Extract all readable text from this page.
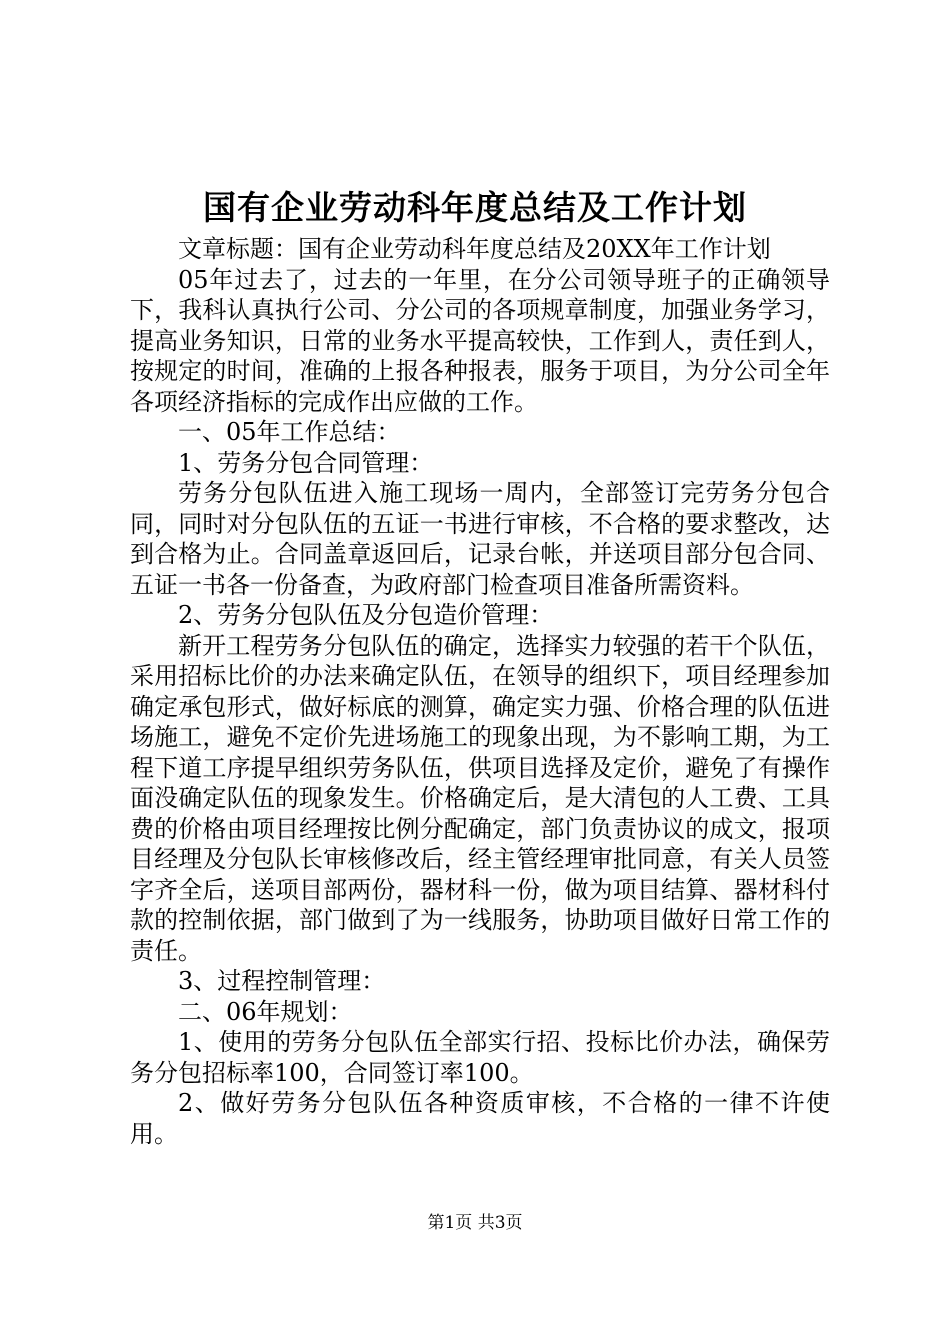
国有企业劳动科年度总结及工作计划

文章标题：国有企业劳动科年度总结及20XX年工作计划

05年过去了，过去的一年里，在分公司领导班子的正确领导下，我科认真执行公司、分公司的各项规章制度，加强业务学习，提高业务知识，日常的业务水平提高较快，工作到人，责任到人，按规定的时间，准确的上报各种报表，服务于项目，为分公司全年各项经济指标的完成作出应做的工作。

一、05年工作总结：

1、劳务分包合同管理：

劳务分包队伍进入施工现场一周内，全部签订完劳务分包合同，同时对分包队伍的五证一书进行审核，不合格的要求整改，达到合格为止。合同盖章返回后，记录台帐，并送项目部分包合同、五证一书各一份备查，为政府部门检查项目准备所需资料。

2、劳务分包队伍及分包造价管理：

新开工程劳务分包队伍的确定，选择实力较强的若干个队伍，采用招标比价的办法来确定队伍，在领导的组织下，项目经理参加确定承包形式，做好标底的测算，确定实力强、价格合理的队伍进场施工，避免不定价先进场施工的现象出现，为不影响工期，为工程下道工序提早组织劳务队伍，供项目选择及定价，避免了有操作面没确定队伍的现象发生。价格确定后，是大清包的人工费、工具费的价格由项目经理按比例分配确定，部门负责协议的成文，报项目经理及分包队长审核修改后，经主管经理审批同意，有关人员签字齐全后，送项目部两份，器材科一份，做为项目结算、器材科付款的控制依据，部门做到了为一线服务，协助项目做好日常工作的责任。

3、过程控制管理：

二、06年规划：

1、使用的劳务分包队伍全部实行招、投标比价办法，确保劳务分包招标率100，合同签订率100。

2、做好劳务分包队伍各种资质审核，不合格的一律不许使用。

第1页 共3页
